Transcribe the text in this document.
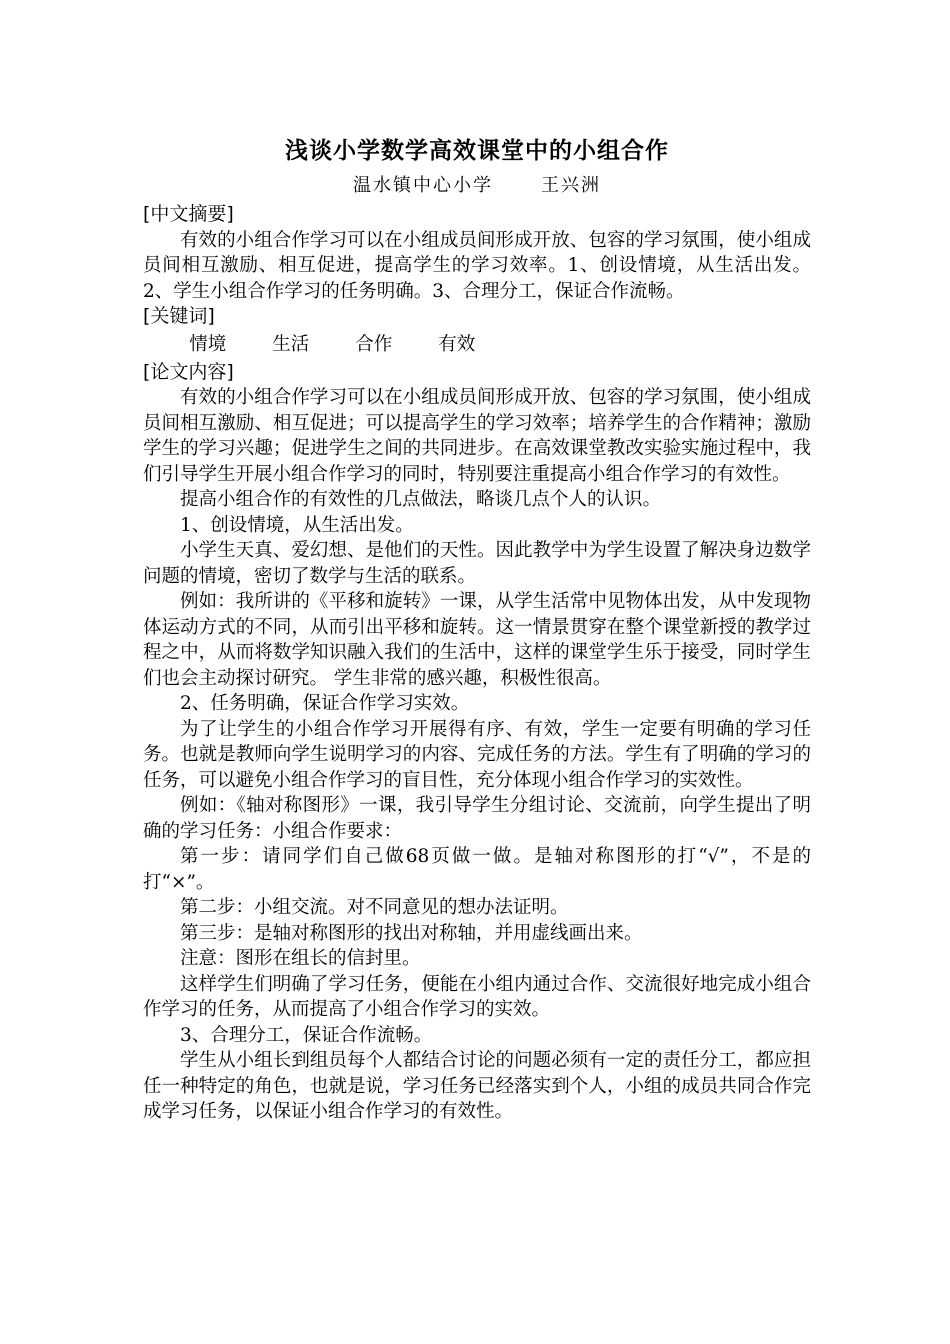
浅谈小学数学高效课堂中的小组合作
温水镇中心小学	王兴洲
[中文摘要]

有效的小组合作学习可以在小组成员间形成开放、包容的学习氛围，使小组成员间相互激励、相互促进，提高学生的学习效率。1、创设情境，从生活出发。2、学生小组合作学习的任务明确。3、合理分工，保证合作流畅。

[关键词]
情境 生活 合作 有效
[论文内容]

有效的小组合作学习可以在小组成员间形成开放、包容的学习氛围，使小组成员间相互激励、相互促进；可以提高学生的学习效率；培养学生的合作精神；激励学生的学习兴趣；促进学生之间的共同进步。在高效课堂教改实验实施过程中，我们引导学生开展小组合作学习的同时，特别要注重提高小组合作学习的有效性。

提高小组合作的有效性的几点做法，略谈几点个人的认识。

1、创设情境，从生活出发。

小学生天真、爱幻想、是他们的天性。因此教学中为学生设置了解决身边数学问题的情境，密切了数学与生活的联系。

例如：我所讲的《平移和旋转》一课，从学生活常中见物体出发，从中发现物体运动方式的不同，从而引出平移和旋转。这一情景贯穿在整个课堂新授的教学过程之中，从而将数学知识融入我们的生活中，这样的课堂学生乐于接受，同时学生们也会主动探讨研究。 学生非常的感兴趣，积极性很高。

2、任务明确，保证合作学习实效。

为了让学生的小组合作学习开展得有序、有效，学生一定要有明确的学习任务。也就是教师向学生说明学习的内容、完成任务的方法。学生有了明确的学习的任务，可以避免小组合作学习的盲目性，充分体现小组合作学习的实效性。

例如：《轴对称图形》一课，我引导学生分组讨论、交流前，向学生提出了明确的学习任务：小组合作要求：

第一步：请同学们自己做68页做一做。是轴对称图形的打“√”，不是的打“×”。

第二步：小组交流。对不同意见的想办法证明。

第三步：是轴对称图形的找出对称轴，并用虚线画出来。

注意：图形在组长的信封里。

这样学生们明确了学习任务，便能在小组内通过合作、交流很好地完成小组合作学习的任务，从而提高了小组合作学习的实效。

3、合理分工，保证合作流畅。

学生从小组长到组员每个人都结合讨论的问题必须有一定的责任分工，都应担任一种特定的角色，也就是说，学习任务已经落实到个人，小组的成员共同合作完成学习任务，以保证小组合作学习的有效性。
